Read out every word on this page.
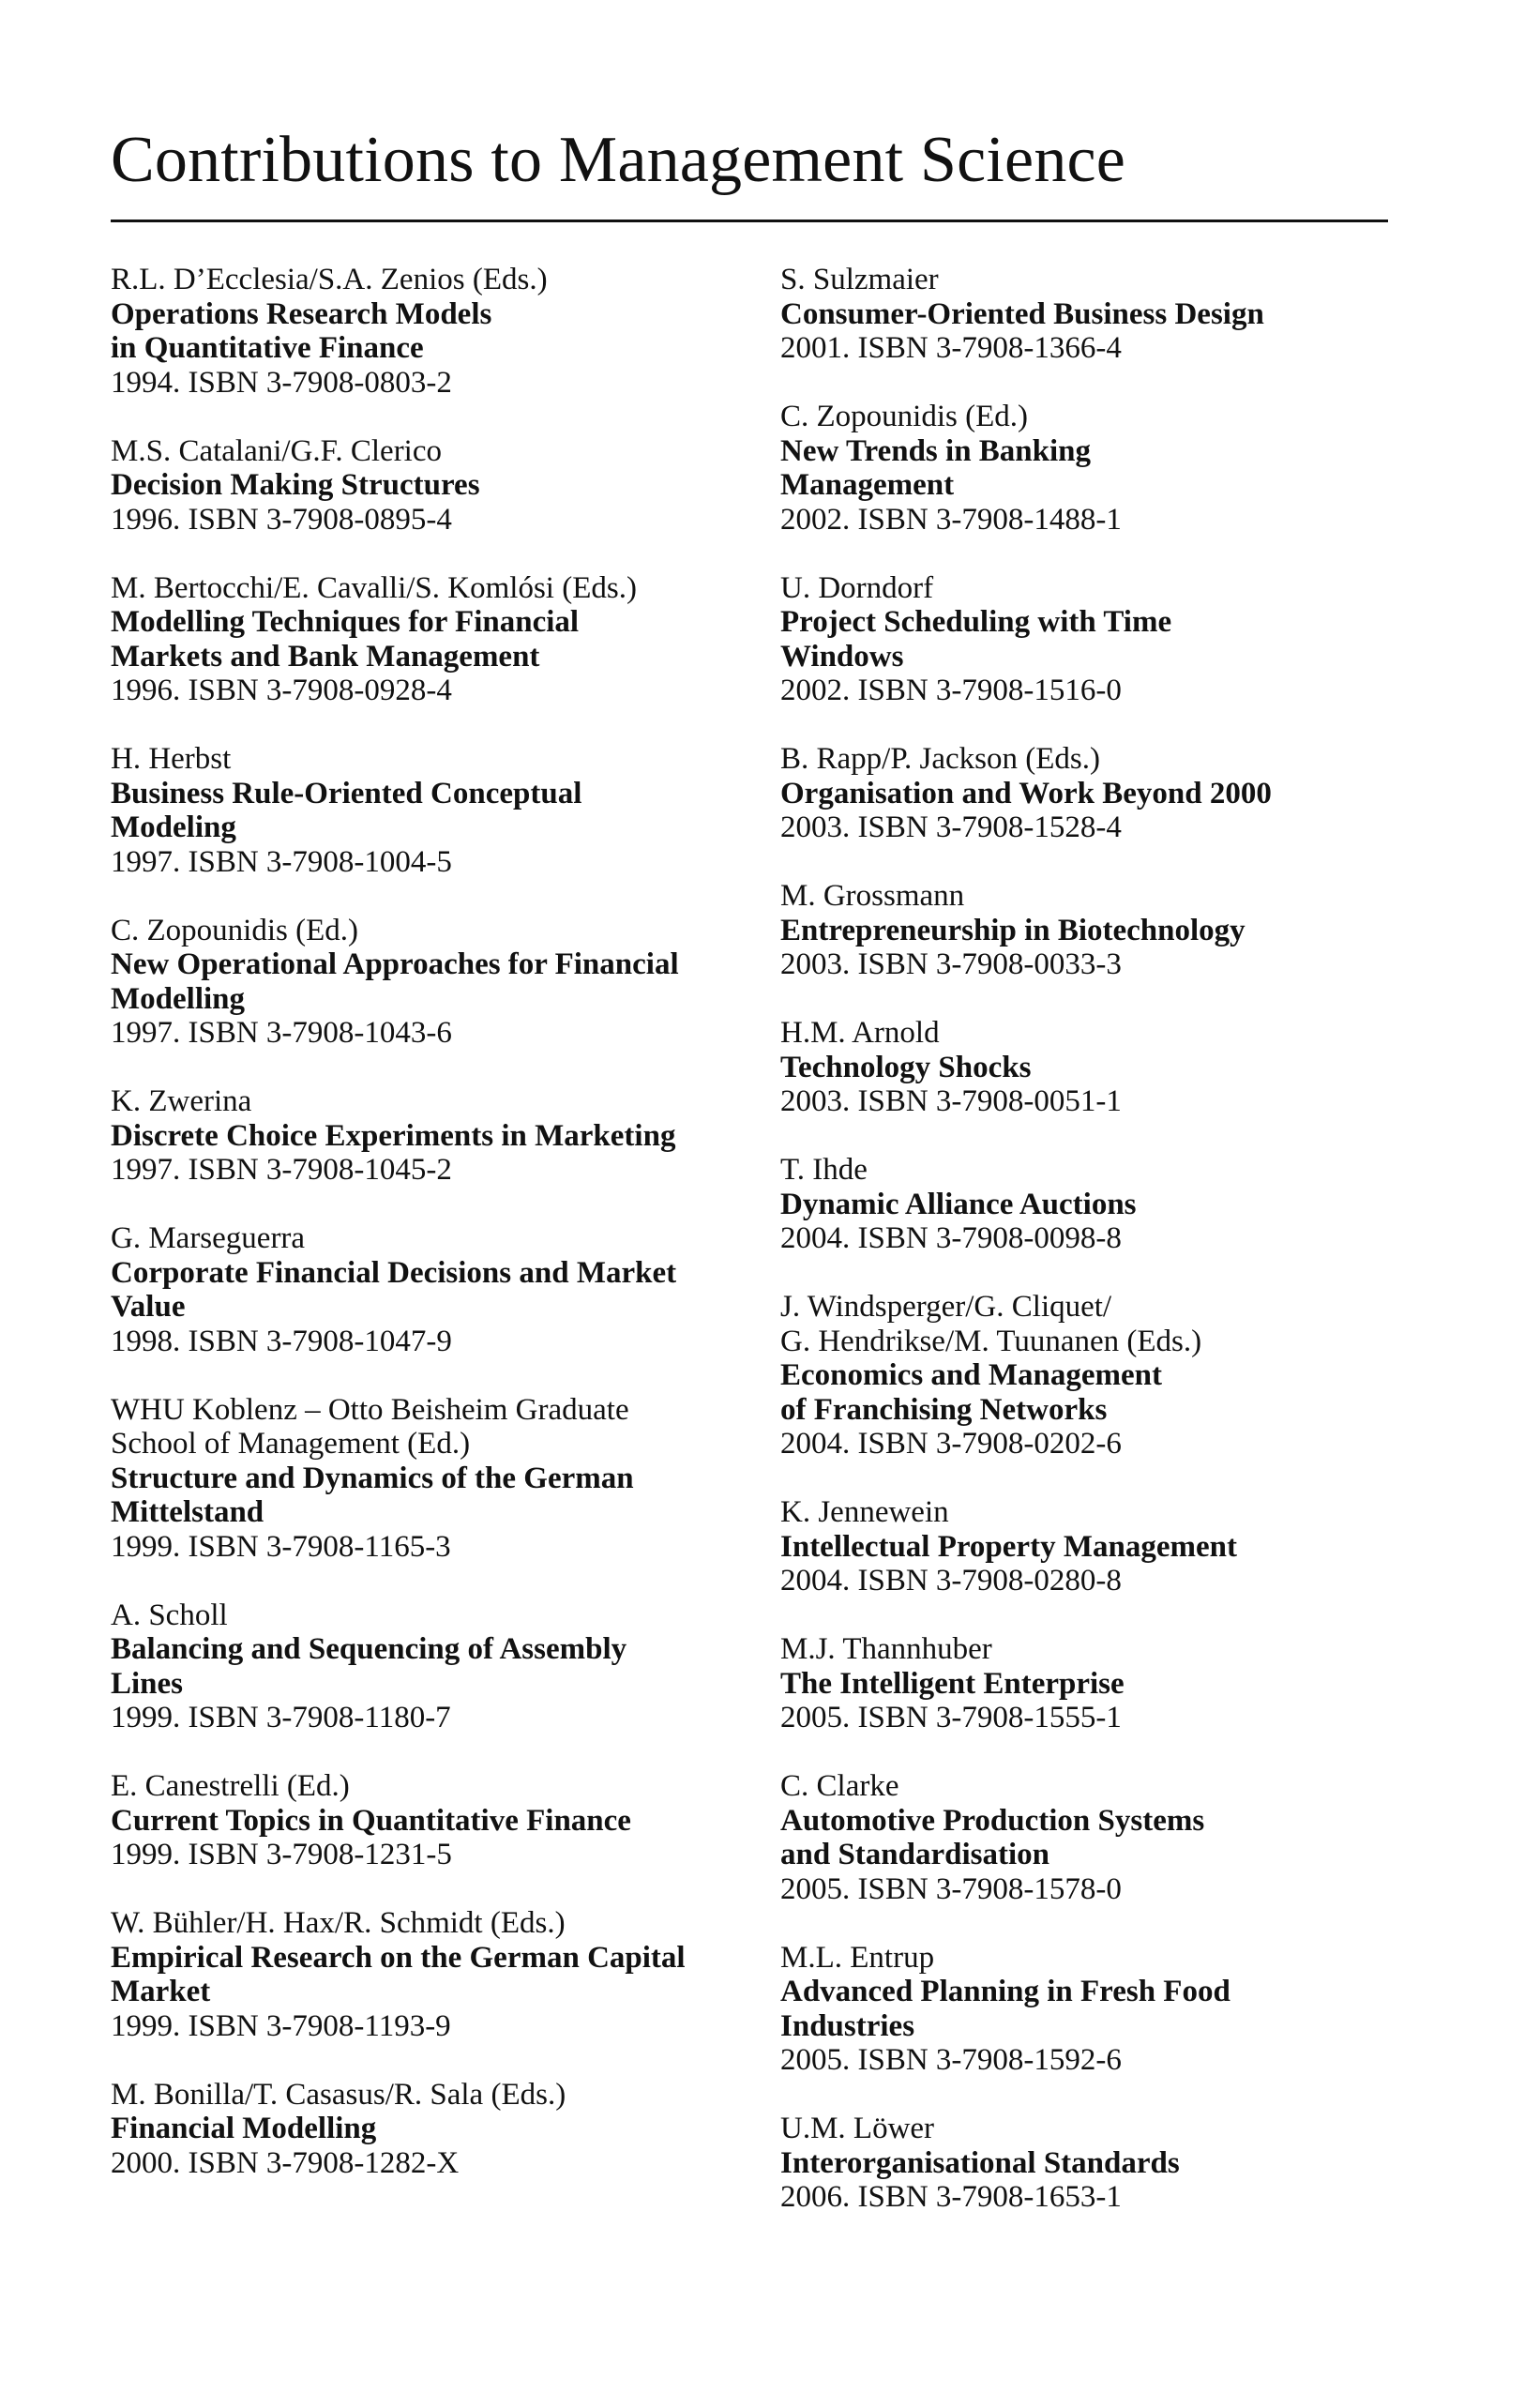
Contributions to Management Science
R.L. D’Ecclesia/S.A. Zenios (Eds.)
Operations Research Models
in Quantitative Finance
1994. ISBN 3-7908-0803-2
M.S. Catalani/G.F. Clerico
Decision Making Structures
1996. ISBN 3-7908-0895-4
M. Bertocchi/E. Cavalli/S. Komlósi (Eds.)
Modelling Techniques for Financial
Markets and Bank Management
1996. ISBN 3-7908-0928-4
H. Herbst
Business Rule-Oriented Conceptual
Modeling
1997. ISBN 3-7908-1004-5
C. Zopounidis (Ed.)
New Operational Approaches for Financial
Modelling
1997. ISBN 3-7908-1043-6
K. Zwerina
Discrete Choice Experiments in Marketing
1997. ISBN 3-7908-1045-2
G. Marseguerra
Corporate Financial Decisions and Market
Value
1998. ISBN 3-7908-1047-9
WHU Koblenz – Otto Beisheim Graduate
School of Management (Ed.)
Structure and Dynamics of the German
Mittelstand
1999. ISBN 3-7908-1165-3
A. Scholl
Balancing and Sequencing of Assembly
Lines
1999. ISBN 3-7908-1180-7
E. Canestrelli (Ed.)
Current Topics in Quantitative Finance
1999. ISBN 3-7908-1231-5
W. Bühler/H. Hax/R. Schmidt (Eds.)
Empirical Research on the German Capital
Market
1999. ISBN 3-7908-1193-9
M. Bonilla/T. Casasus/R. Sala (Eds.)
Financial Modelling
2000. ISBN 3-7908-1282-X
S. Sulzmaier
Consumer-Oriented Business Design
2001. ISBN 3-7908-1366-4
C. Zopounidis (Ed.)
New Trends in Banking
Management
2002. ISBN 3-7908-1488-1
U. Dorndorf
Project Scheduling with Time
Windows
2002. ISBN 3-7908-1516-0
B. Rapp/P. Jackson (Eds.)
Organisation and Work Beyond 2000
2003. ISBN 3-7908-1528-4
M. Grossmann
Entrepreneurship in Biotechnology
2003. ISBN 3-7908-0033-3
H.M. Arnold
Technology Shocks
2003. ISBN 3-7908-0051-1
T. Ihde
Dynamic Alliance Auctions
2004. ISBN 3-7908-0098-8
J. Windsperger/G. Cliquet/
G. Hendrikse/M. Tuunanen (Eds.)
Economics and Management
of Franchising Networks
2004. ISBN 3-7908-0202-6
K. Jennewein
Intellectual Property Management
2004. ISBN 3-7908-0280-8
M.J. Thannhuber
The Intelligent Enterprise
2005. ISBN 3-7908-1555-1
C. Clarke
Automotive Production Systems
and Standardisation
2005. ISBN 3-7908-1578-0
M.L. Entrup
Advanced Planning in Fresh Food
Industries
2005. ISBN 3-7908-1592-6
U.M. Löwer
Interorganisational Standards
2006. ISBN 3-7908-1653-1
